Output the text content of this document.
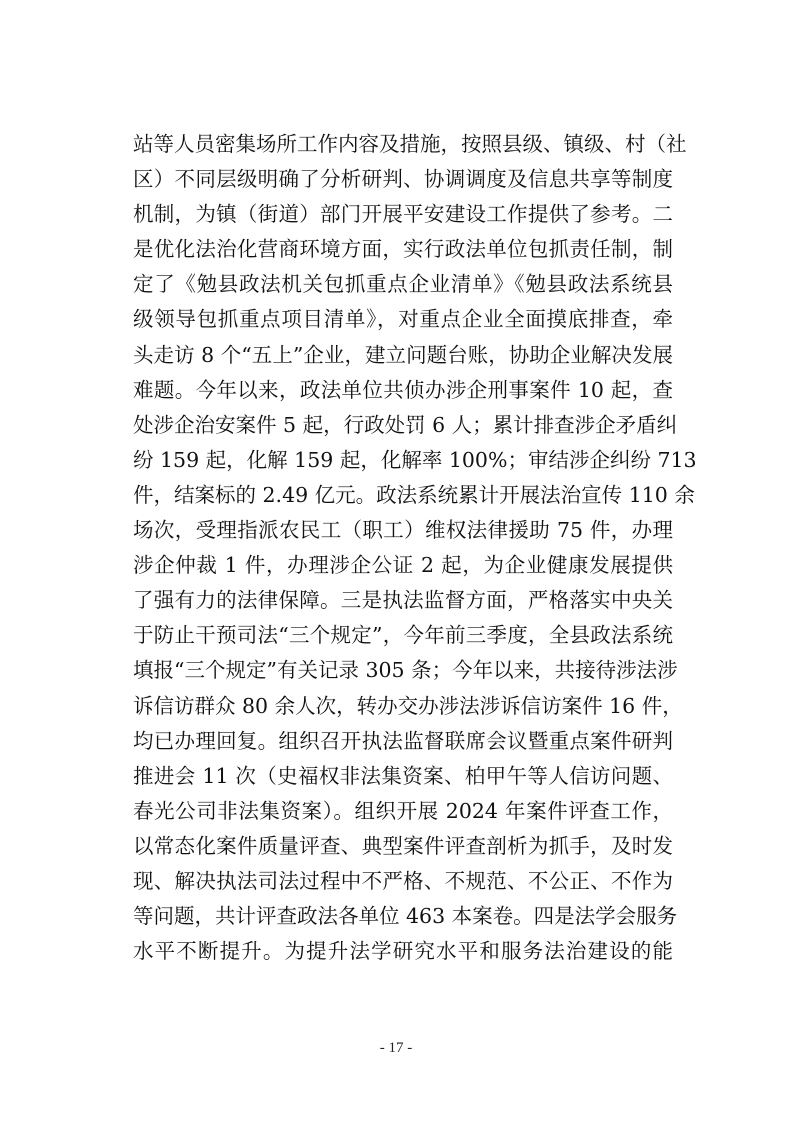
站等人员密集场所工作内容及措施，按照县级、镇级、村（社
区）不同层级明确了分析研判、协调调度及信息共享等制度
机制，为镇（街道）部门开展平安建设工作提供了参考。二
是优化法治化营商环境方面，实行政法单位包抓责任制，制
定了《勉县政法机关包抓重点企业清单》《勉县政法系统县
级领导包抓重点项目清单》，对重点企业全面摸底排查，牵
头走访 8 个“五上”企业，建立问题台账，协助企业解决发展
难题。今年以来，政法单位共侦办涉企刑事案件 10 起，查
处涉企治安案件 5 起，行政处罚 6 人；累计排查涉企矛盾纠
纷 159 起，化解 159 起，化解率 100%；审结涉企纠纷 713
件，结案标的 2.49 亿元。政法系统累计开展法治宣传 110 余
场次，受理指派农民工（职工）维权法律援助 75 件，办理
涉企仲裁 1 件，办理涉企公证 2 起，为企业健康发展提供
了强有力的法律保障。三是执法监督方面，严格落实中央关
于防止干预司法“三个规定”，今年前三季度，全县政法系统
填报“三个规定”有关记录 305 条；今年以来，共接待涉法涉
诉信访群众 80 余人次，转办交办涉法涉诉信访案件 16 件，
均已办理回复。组织召开执法监督联席会议暨重点案件研判
推进会 11 次（史福权非法集资案、柏甲午等人信访问题、
春光公司非法集资案）。组织开展 2024 年案件评查工作，
以常态化案件质量评查、典型案件评查剖析为抓手，及时发
现、解决执法司法过程中不严格、不规范、不公正、不作为
等问题，共计评查政法各单位 463 本案卷。四是法学会服务
水平不断提升。为提升法学研究水平和服务法治建设的能
- 17 -
